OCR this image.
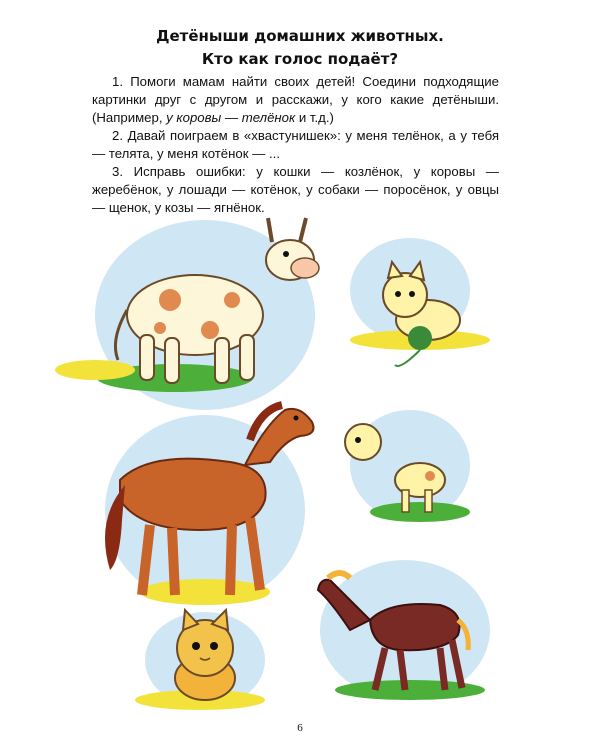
Детёныши домашних животных.
Кто как голос подаёт?

1. Помоги мамам найти своих детей! Соедини подходящие картинки друг с другом и расскажи, у кого какие детёныши. (Например, у коровы — телёнок и т.д.)

2. Давай поиграем в «хвастунишек»: у меня телёнок, а у тебя — телята, у меня котёнок — ...

3. Исправь ошибки: у кошки — козлёнок, у коровы — жеребёнок, у лошади — котёнок, у собаки — поросёнок, у овцы — щенок, у козы — ягнёнок.

6
